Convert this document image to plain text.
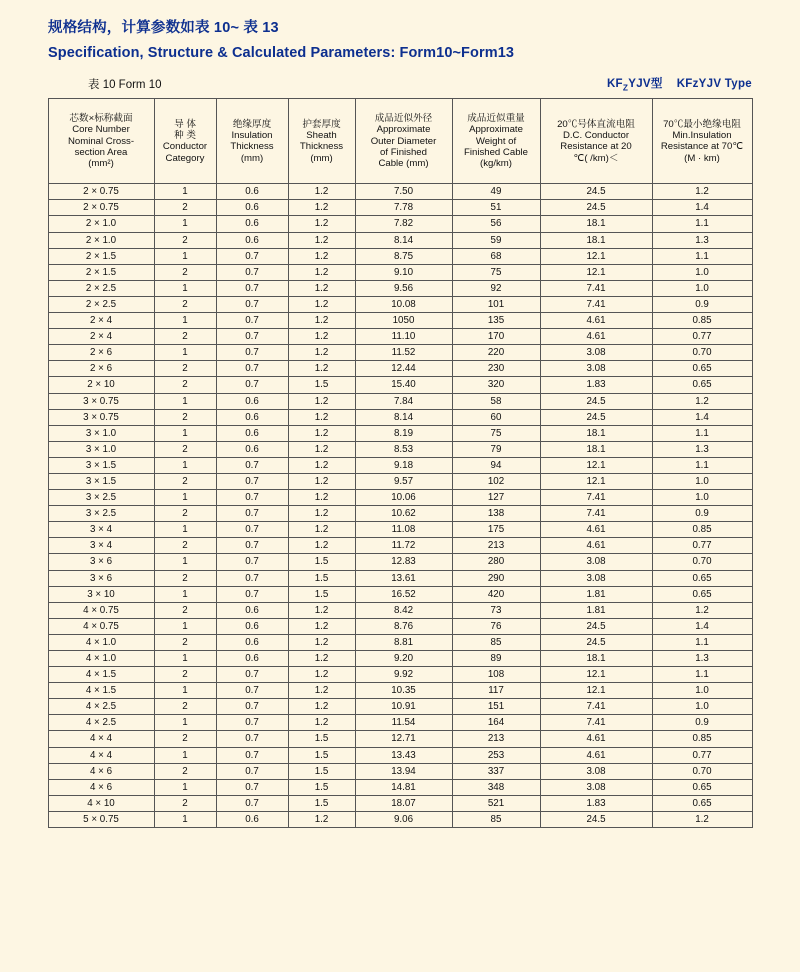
规格结构，计算参数如表 10~ 表 13
Specification, Structure & Calculated Parameters: Form10~Form13
表 10 Form 10	$KF_ZYJV$型 KFzYJV Type
芯数×标称截面
Core Number
Nominal Cross-
section Area
(mm²)	导 体
种 类
Conductor
Category	绝缘厚度
Insulation
Thickness
(mm)	护套厚度
Sheath
Thickness
(mm)	成品近似外径
Approximate
Outer Diameter
of Finished
Cable (mm)	成品近似重量
Approximate
Weight of
Finished Cable
(kg/km)	20℃号体直流电阻
D.C. Conductor
Resistance at 20
℃( /km)＜	70℃最小绝缘电阻
Min.Insulation
Resistance at 70℃
(M · km)

2 × 0.75	1	0.6	1.2	7.50	49	24.5	1.2
2 × 0.75	2	0.6	1.2	7.78	51	24.5	1.4
2 × 1.0	1	0.6	1.2	7.82	56	18.1	1.1
2 × 1.0	2	0.6	1.2	8.14	59	18.1	1.3
2 × 1.5	1	0.7	1.2	8.75	68	12.1	1.1
2 × 1.5	2	0.7	1.2	9.10	75	12.1	1.0
2 × 2.5	1	0.7	1.2	9.56	92	7.41	1.0
2 × 2.5	2	0.7	1.2	10.08	101	7.41	0.9
2 × 4	1	0.7	1.2	1050	135	4.61	0.85
2 × 4	2	0.7	1.2	11.10	170	4.61	0.77
2 × 6	1	0.7	1.2	11.52	220	3.08	0.70
2 × 6	2	0.7	1.2	12.44	230	3.08	0.65
2 × 10	2	0.7	1.5	15.40	320	1.83	0.65
3 × 0.75	1	0.6	1.2	7.84	58	24.5	1.2
3 × 0.75	2	0.6	1.2	8.14	60	24.5	1.4
3 × 1.0	1	0.6	1.2	8.19	75	18.1	1.1
3 × 1.0	2	0.6	1.2	8.53	79	18.1	1.3
3 × 1.5	1	0.7	1.2	9.18	94	12.1	1.1
3 × 1.5	2	0.7	1.2	9.57	102	12.1	1.0
3 × 2.5	1	0.7	1.2	10.06	127	7.41	1.0
3 × 2.5	2	0.7	1.2	10.62	138	7.41	0.9
3 × 4	1	0.7	1.2	11.08	175	4.61	0.85
3 × 4	2	0.7	1.2	11.72	213	4.61	0.77
3 × 6	1	0.7	1.5	12.83	280	3.08	0.70
3 × 6	2	0.7	1.5	13.61	290	3.08	0.65
3 × 10	1	0.7	1.5	16.52	420	1.81	0.65
4 × 0.75	2	0.6	1.2	8.42	73	1.81	1.2
4 × 0.75	1	0.6	1.2	8.76	76	24.5	1.4
4 × 1.0	2	0.6	1.2	8.81	85	24.5	1.1
4 × 1.0	1	0.6	1.2	9.20	89	18.1	1.3
4 × 1.5	2	0.7	1.2	9.92	108	12.1	1.1
4 × 1.5	1	0.7	1.2	10.35	117	12.1	1.0
4 × 2.5	2	0.7	1.2	10.91	151	7.41	1.0
4 × 2.5	1	0.7	1.2	11.54	164	7.41	0.9
4 × 4	2	0.7	1.5	12.71	213	4.61	0.85
4 × 4	1	0.7	1.5	13.43	253	4.61	0.77
4 × 6	2	0.7	1.5	13.94	337	3.08	0.70
4 × 6	1	0.7	1.5	14.81	348	3.08	0.65
4 × 10	2	0.7	1.5	18.07	521	1.83	0.65
5 × 0.75	1	0.6	1.2	9.06	85	24.5	1.2
